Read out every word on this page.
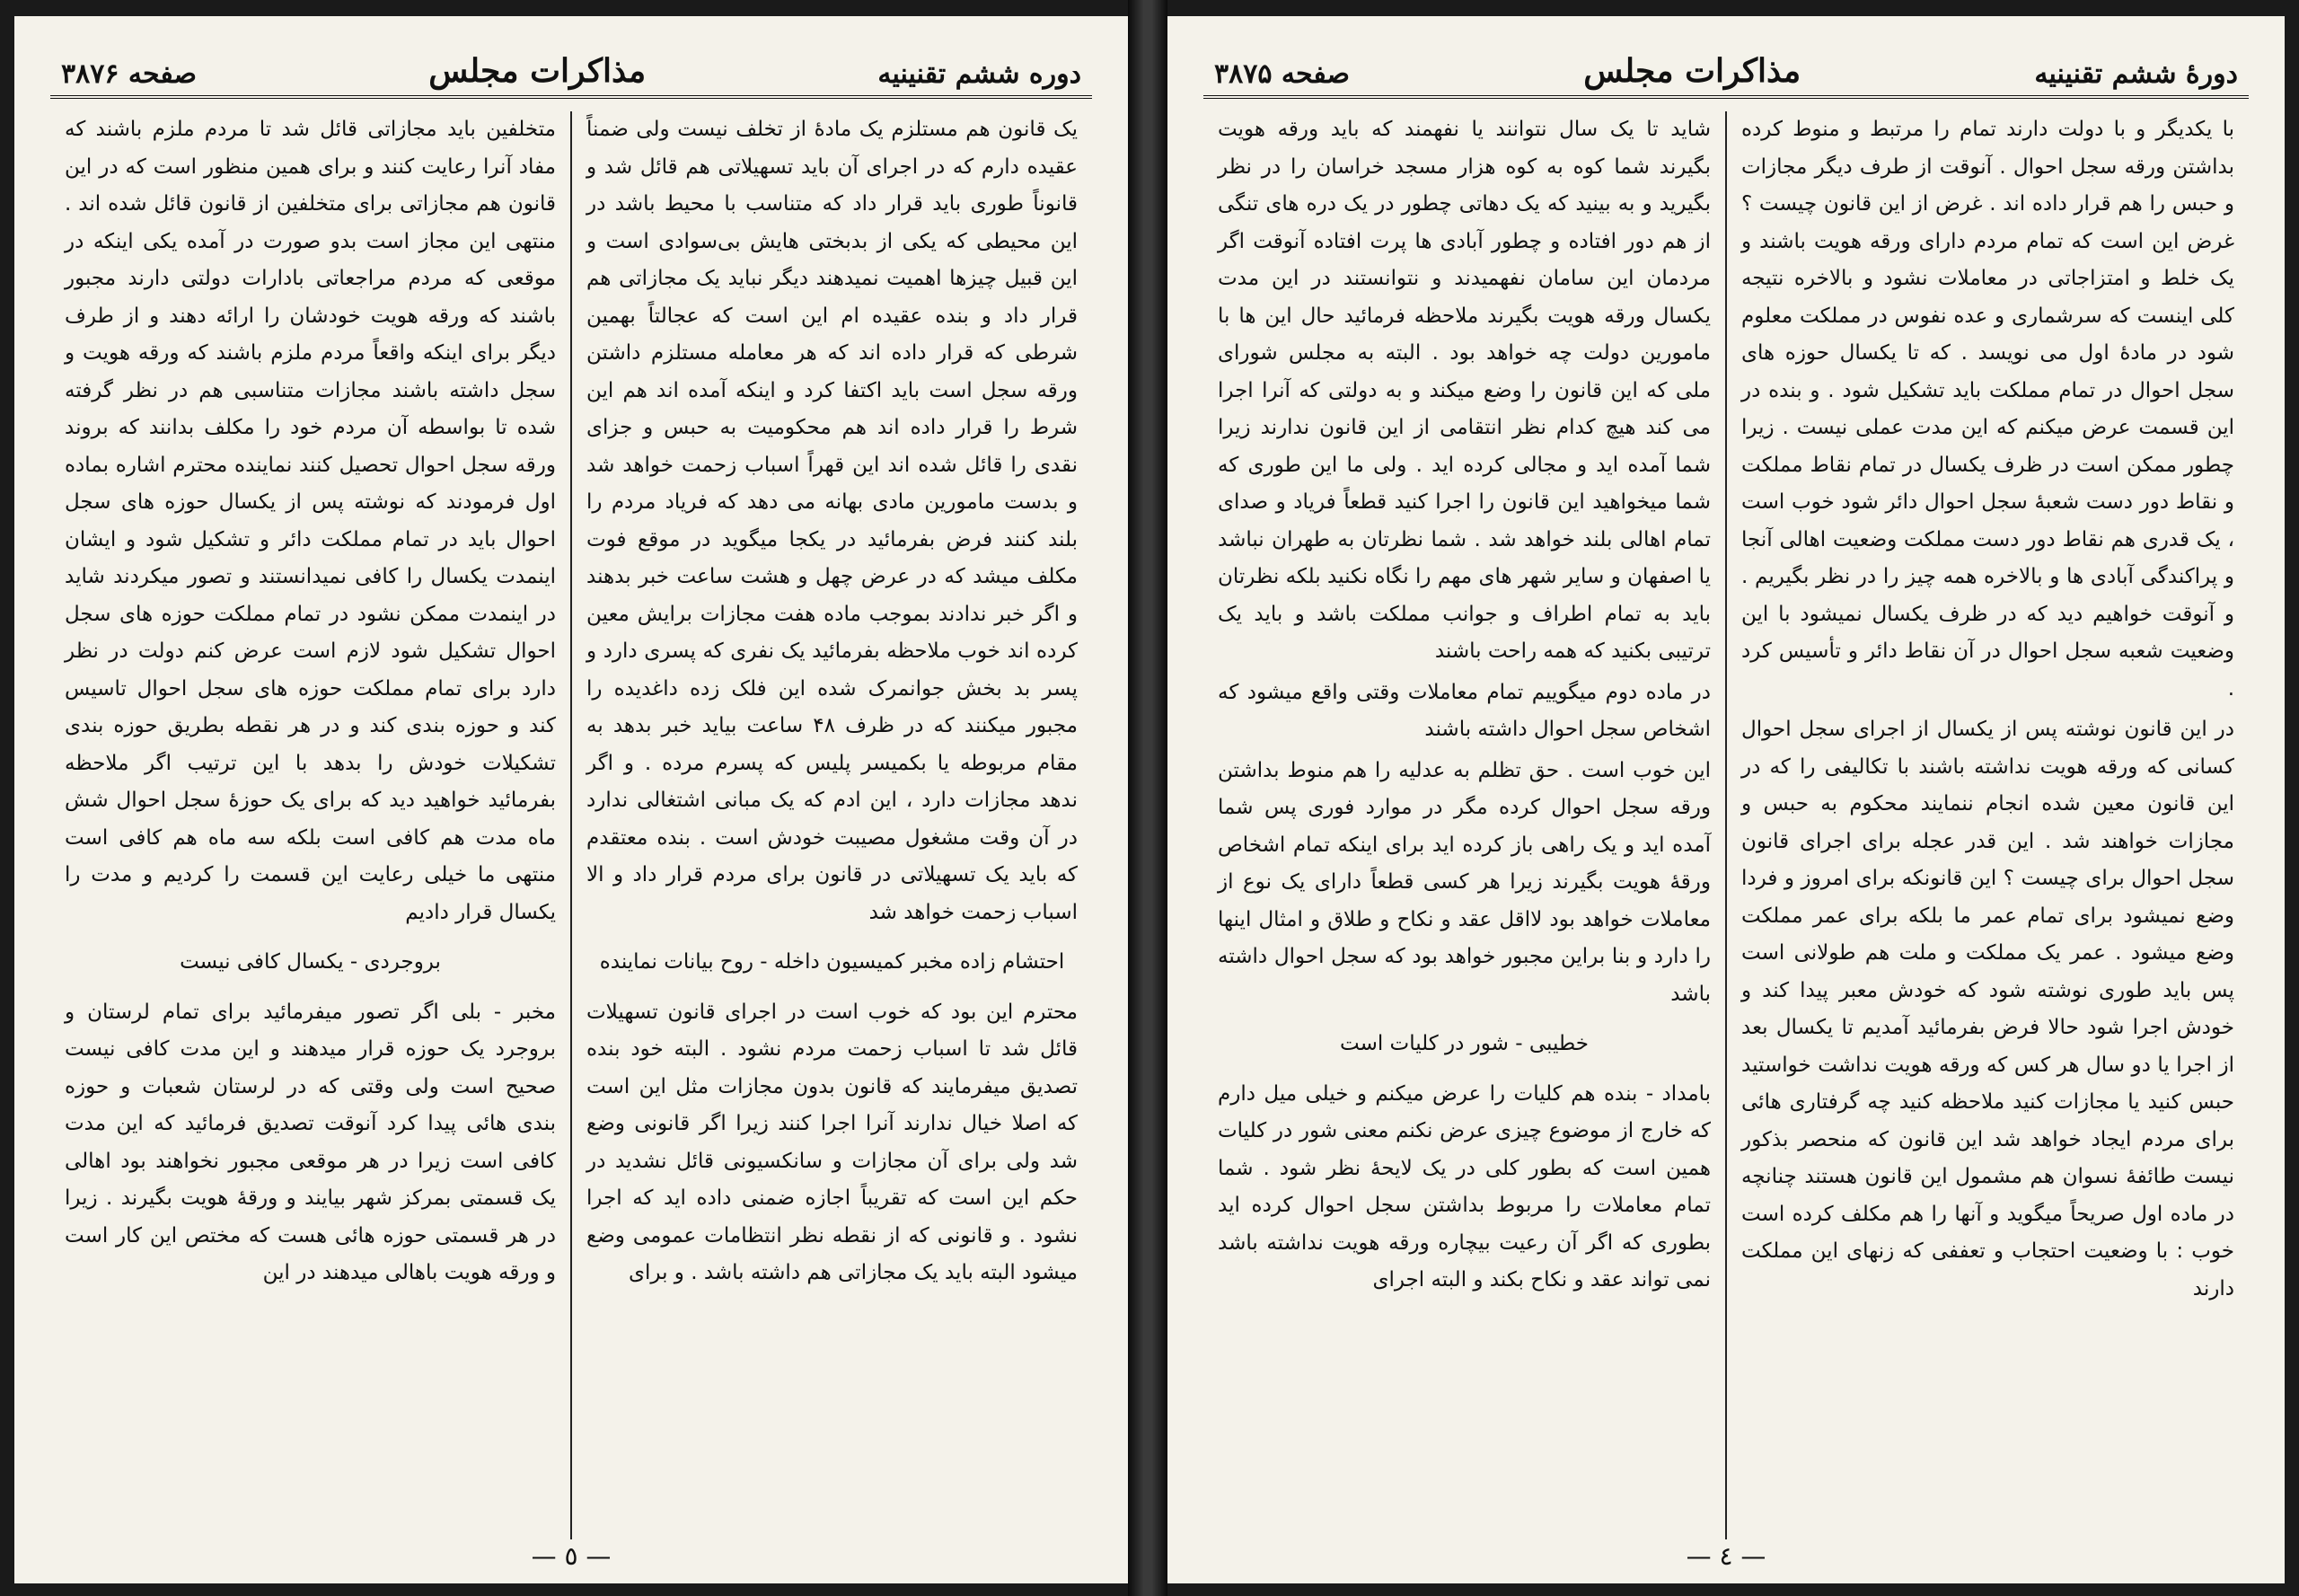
صفحه ۳۸۷۶	مذاکرات مجلس	دوره ششم تقنینیه

متخلفین باید مجازاتی قائل شد تا مردم ملزم باشند که مفاد آنرا رعایت کنند و برای همین منظور است که در این قانون هم مجازاتی برای متخلفین از قانون قائل شده اند . منتهی این مجاز است بدو صورت در آمده یکی اینکه در موقعی که مردم مراجعاتی بادارات دولتی دارند مجبور باشند که ورقه هویت خودشان را ارائه دهند و از طرف دیگر برای اینکه واقعاً مردم ملزم باشند که ورقه هویت و سجل داشته باشند مجازات متناسبی هم در نظر گرفته شده تا بواسطه آن مردم خود را مکلف بدانند که بروند ورقه سجل احوال تحصیل کنند نماینده محترم اشاره بماده اول فرمودند که نوشته پس از یکسال حوزه های سجل احوال باید در تمام مملکت دائر و تشکیل شود و ایشان اینمدت یکسال را کافی نمیدانستند و تصور میکردند شاید در اینمدت ممکن نشود در تمام مملکت حوزه های سجل احوال تشکیل شود لازم است عرض کنم دولت در نظر دارد برای تمام مملکت حوزه های سجل احوال تاسیس کند و حوزه بندی کند و در هر نقطه بطریق حوزه بندی تشکیلات خودش را بدهد با این ترتیب اگر ملاحظه بفرمائید خواهید دید که برای یک حوزهٔ سجل احوال شش ماه مدت هم کافی است بلکه سه ماه هم کافی است منتهی ما خیلی رعایت این قسمت را کردیم و مدت را یکسال قرار دادیم

بروجردی - یکسال کافی نیست

مخبر - بلی اگر تصور میفرمائید برای تمام لرستان و بروجرد یک حوزه قرار میدهند و این مدت کافی نیست صحیح است ولی وقتی که در لرستان شعبات و حوزه بندی هائی پیدا کرد آنوقت تصدیق فرمائید که این مدت کافی است زیرا در هر موقعی مجبور نخواهند بود اهالی یک قسمتی بمرکز شهر بیایند و ورقهٔ هویت بگیرند . زیرا در هر قسمتی حوزه هائی هست که مختص این کار است و ورقه هویت باهالی میدهند در این

یک قانون هم مستلزم یک مادهٔ از تخلف نیست ولی ضمناً عقیده دارم که در اجرای آن باید تسهیلاتی هم قائل شد و قانوناً طوری باید قرار داد که متناسب با محیط باشد در این محیطی که یکی از بدبختی هایش بی‌سوادی است و این قبیل چیزها اهمیت نمیدهند دیگر نباید یک مجازاتی هم قرار داد و بنده عقیده ام این است که عجالتاً بهمین شرطی که قرار داده اند که هر معامله مستلزم داشتن ورقه سجل است باید اکتفا کرد و اینکه آمده اند هم این شرط را قرار داده اند هم محکومیت به حبس و جزای نقدی را قائل شده اند این قهراً اسباب زحمت خواهد شد و بدست مامورین مادی بهانه می دهد که فریاد مردم را بلند کنند فرض بفرمائید در یکجا میگوید در موقع فوت مکلف میشد که در عرض چهل و هشت ساعت خبر بدهند و اگر خبر ندادند بموجب ماده هفت مجازات برایش معین کرده اند خوب ملاحظه بفرمائید یک نفری که پسری دارد و پسر بد بخش جوانمرک شده این فلک زده داغدیده را مجبور میکنند که در ظرف ۴۸ ساعت بیاید خبر بدهد به مقام مربوطه یا بکمیسر پلیس که پسرم مرده . و اگر ندهد مجازات دارد ، این ادم که یک مبانی اشتغالی ندارد در آن وقت مشغول مصیبت خودش است . بنده معتقدم که باید یک تسهیلاتی در قانون برای مردم قرار داد و الا اسباب زحمت خواهد شد

احتشام زاده مخبر کمیسیون داخله - روح بیانات نماینده

محترم این بود که خوب است در اجرای قانون تسهیلات قائل شد تا اسباب زحمت مردم نشود . البته خود بنده تصدیق میفرمایند که قانون بدون مجازات مثل این است که اصلا خیال ندارند آنرا اجرا کنند زیرا اگر قانونی وضع شد ولی برای آن مجازات و سانکسیونی قائل نشدید در حکم این است که تقریباً اجازه ضمنی داده اید که اجرا نشود . و قانونی که از نقطه نظر انتظامات عمومی وضع میشود البته باید یک مجازاتی هم داشته باشد . و برای

— ٥ —
صفحه ۳۸۷۵	مذاکرات مجلس	دورهٔ ششم تقنینیه

شاید تا یک سال نتوانند یا نفهمند که باید ورقه هویت بگیرند شما کوه به کوه هزار مسجد خراسان را در نظر بگیرید و به بینید که یک دهاتی چطور در یک دره های تنگی از هم دور افتاده و چطور آبادی ها پرت افتاده آنوقت اگر مردمان این سامان نفهمیدند و نتوانستند در این مدت یکسال ورقه هویت بگیرند ملاحظه فرمائید حال این ها با مامورین دولت چه خواهد بود . البته به مجلس شورای ملی که این قانون را وضع میکند و به دولتی که آنرا اجرا می کند هیچ کدام نظر انتقامی از این قانون ندارند زیرا شما آمده اید و مجالی کرده اید . ولی ما این طوری که شما میخواهید این قانون را اجرا کنید قطعاً فریاد و صدای تمام اهالی بلند خواهد شد . شما نظرتان به طهران نباشد یا اصفهان و سایر شهر های مهم را نگاه نکنید بلکه نظرتان باید به تمام اطراف و جوانب مملکت باشد و باید یک ترتیبی بکنید که همه راحت باشند

در ماده دوم میگوییم تمام معاملات وقتی واقع میشود که اشخاص سجل احوال داشته باشند

این خوب است . حق تظلم به عدلیه را هم منوط بداشتن ورقه سجل احوال کرده مگر در موارد فوری پس شما آمده اید و یک راهی باز کرده اید برای اینکه تمام اشخاص ورقهٔ هویت بگیرند زیرا هر کسی قطعاً دارای یک نوع از معاملات خواهد بود لااقل عقد و نکاح و طلاق و امثال اینها را دارد و بنا براین مجبور خواهد بود که سجل احوال داشته باشد

خطیبی - شور در کلیات است

بامداد - بنده هم کلیات را عرض میکنم و خیلی میل دارم که خارج از موضوع چیزی عرض نکنم معنی شور در کلیات همین است که بطور کلی در یک لایحهٔ نظر شود . شما تمام معاملات را مربوط بداشتن سجل احوال کرده اید بطوری که اگر آن رعیت بیچاره ورقه هویت نداشته باشد نمی تواند عقد و نکاح بکند و البته اجرای

با یکدیگر و با دولت دارند تمام را مرتبط و منوط کرده بداشتن ورقه سجل احوال . آنوقت از طرف دیگر مجازات و حبس را هم قرار داده اند . غرض از این قانون چیست ؟ غرض این است که تمام مردم دارای ورقه هویت باشند و یک خلط و امتزاجاتی در معاملات نشود و بالاخره نتیجه کلی اینست که سرشماری و عده نفوس در مملکت معلوم شود در مادهٔ اول می نویسد . که تا یکسال حوزه های سجل احوال در تمام مملکت باید تشکیل شود . و بنده در این قسمت عرض میکنم که این مدت عملی نیست . زیرا چطور ممکن است در ظرف یکسال در تمام نقاط مملکت و نقاط دور دست شعبهٔ سجل احوال دائر شود خوب است ، یک قدری هم نقاط دور دست مملکت وضعیت اهالی آنجا و پراکندگی آبادی ها و بالاخره همه چیز را در نظر بگیریم . و آنوقت خواهیم دید که در ظرف یکسال نمیشود با این وضعیت شعبه سجل احوال در آن نقاط دائر و تأسیس کرد .

در این قانون نوشته پس از یکسال از اجرای سجل احوال کسانی که ورقه هویت نداشته باشند با تکالیفی را که در این قانون معین شده انجام ننمایند محکوم به حبس و مجازات خواهند شد . این قدر عجله برای اجرای قانون سجل احوال برای چیست ؟ این قانونکه برای امروز و فردا وضع نمیشود برای تمام عمر ما بلکه برای عمر مملکت وضع میشود . عمر یک مملکت و ملت هم طولانی است پس باید طوری نوشته شود که خودش معبر پیدا کند و خودش اجرا شود حالا فرض بفرمائید آمدیم تا یکسال بعد از اجرا یا دو سال هر کس که ورقه هویت نداشت خواستید حبس کنید یا مجازات کنید ملاحظه کنید چه گرفتاری هائی برای مردم ایجاد خواهد شد این قانون که منحصر بذکور نیست طائفهٔ نسوان هم مشمول این قانون هستند چنانچه در ماده اول صریحاً میگوید و آنها را هم مکلف کرده است خوب : با وضعیت احتجاب و تعففی که زنهای این مملکت دارند

— ٤ —
